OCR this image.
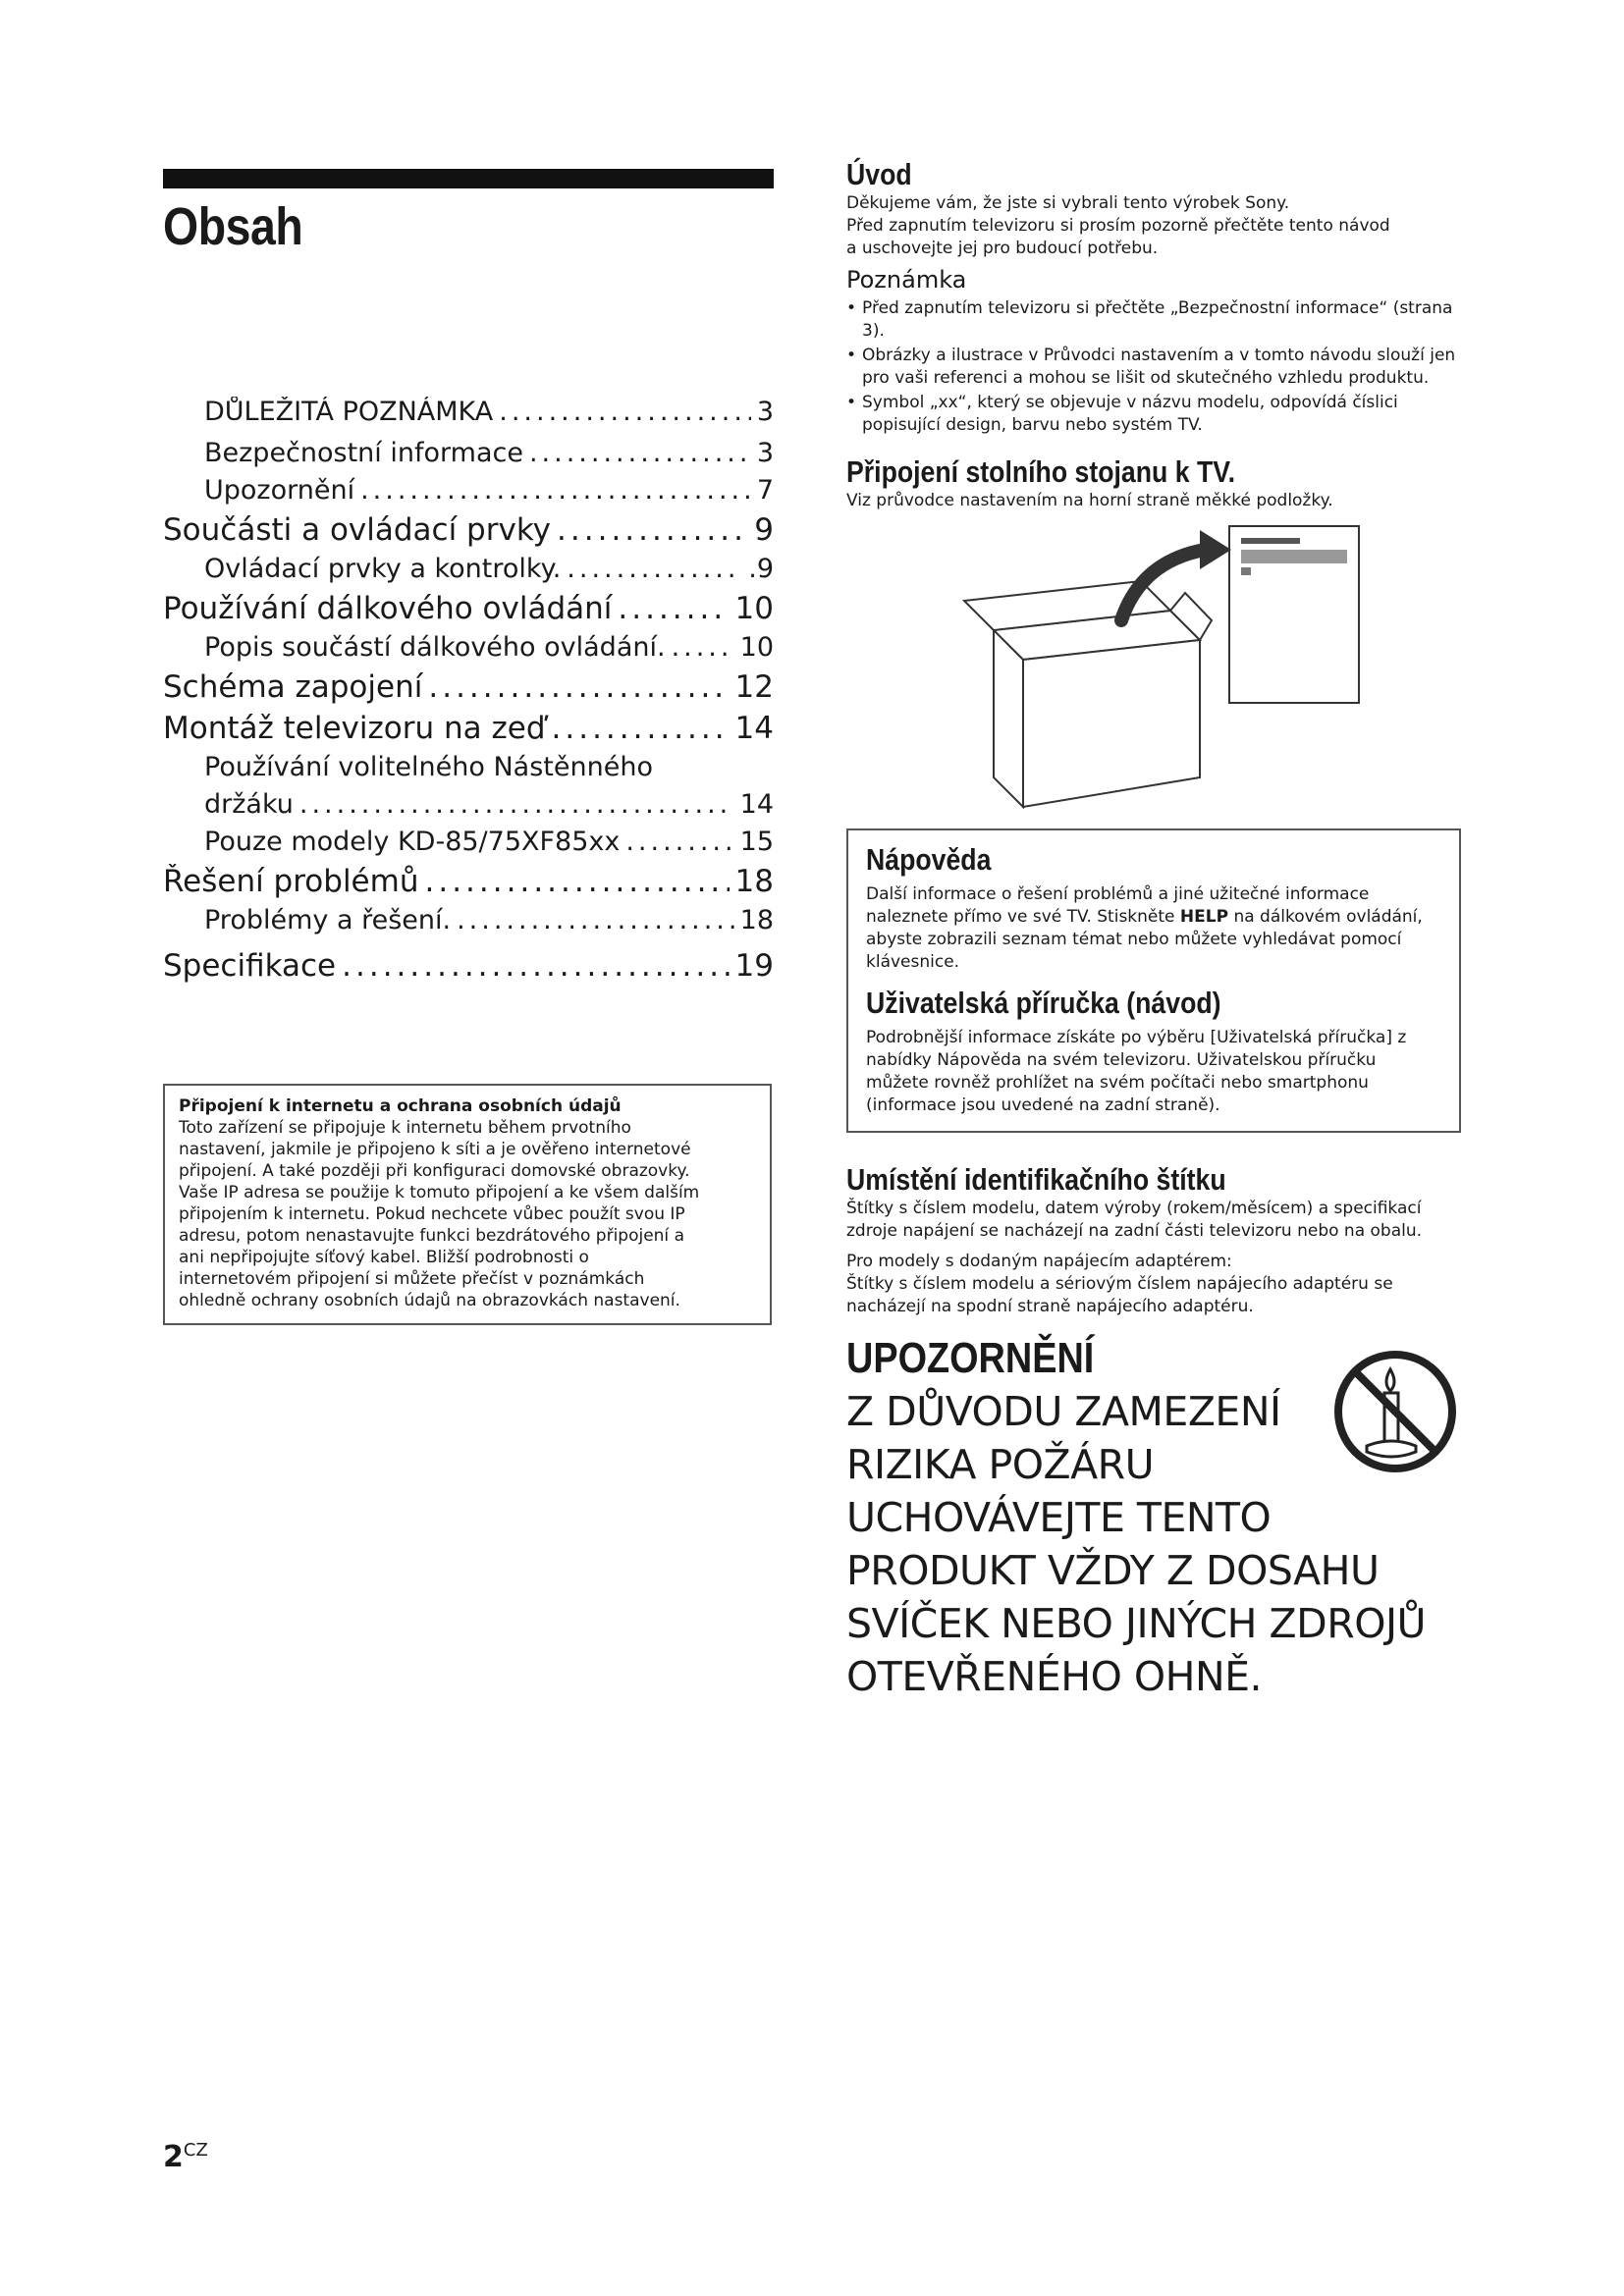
Obsah
DŮLEŽITÁ POZNÁMKA .....	3
Bezpečnostní informace .....	3
Upozornění .....	7
Součásti a ovládací prvky .....	9
Ovládací prvky a kontrolky. .....	.9
Používání dálkového ovládání .....	10
Popis součástí dálkového ovládání. .....	10
Schéma zapojení .....	12
Montáž televizoru na zeď .....	14
Používání volitelného Nástěnného
držáku .....	14
Pouze modely KD-85/75XF85xx .....	15
Řešení problémů .....	18
Problémy a řešení. .....	18
Specifikace .....	19
Připojení k internetu a ochrana osobních údajů
Toto zařízení se připojuje k internetu během prvotního
nastavení, jakmile je připojeno k síti a je ověřeno internetové
připojení. A také později při konfiguraci domovské obrazovky.
Vaše IP adresa se použije k tomuto připojení a ke všem dalším
připojením k internetu. Pokud nechcete vůbec použít svou IP
adresu, potom nenastavujte funkci bezdrátového připojení a
ani nepřipojujte síťový kabel. Bližší podrobnosti o
internetovém připojení si můžete přečíst v poznámkách
ohledně ochrany osobních údajů na obrazovkách nastavení.
Úvod

Děkujeme vám, že jste si vybrali tento výrobek Sony.

Před zapnutím televizoru si prosím pozorně přečtěte tento návod

a uschovejte jej pro budoucí potřebu.

Poznámka
• Před zapnutím televizoru si přečtěte „Bezpečnostní informace“ (strana 3).
• Obrázky a ilustrace v Průvodci nastavením a v tomto návodu slouží jen pro vaši referenci a mohou se lišit od skutečného vzhledu produktu.
• Symbol „xx“, který se objevuje v názvu modelu, odpovídá číslici popisující design, barvu nebo systém TV.
Připojení stolního stojanu k TV.

Viz průvodce nastavením na horní straně měkké podložky.

Nápověda

Další informace o řešení problémů a jiné užitečné informace naleznete přímo ve své TV. Stiskněte HELP na dálkovém ovládání, abyste zobrazili seznam témat nebo můžete vyhledávat pomocí klávesnice.

Uživatelská příručka (návod)

Podrobnější informace získáte po výběru [Uživatelská příručka] z nabídky Nápověda na svém televizoru. Uživatelskou příručku můžete rovněž prohlížet na svém počítači nebo smartphonu (informace jsou uvedené na zadní straně).

Umístění identifikačního štítku

Štítky s číslem modelu, datem výroby (rokem/měsícem) a specifikací zdroje napájení se nacházejí na zadní části televizoru nebo na obalu.

Pro modely s dodaným napájecím adaptérem:

Štítky s číslem modelu a sériovým číslem napájecího adaptéru se nacházejí na spodní straně napájecího adaptéru.

UPOZORNĚNÍ

Z DŮVODU ZAMEZENÍ

RIZIKA POŽÁRU

UCHOVÁVEJTE TENTO

PRODUKT VŽDY Z DOSAHU

SVÍČEK NEBO JINÝCH ZDROJŮ

OTEVŘENÉHO OHNĚ.

$2^{CZ}$
